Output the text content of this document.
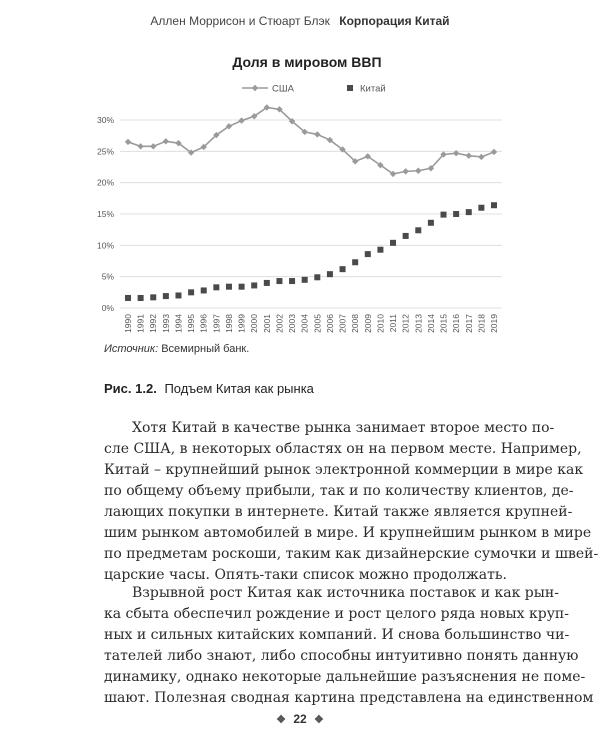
Аллен Моррисон и Стюарт Блэк Корпорация Китай
Доля в мировом ВВП
0%
5%
10%
15%
20%
25%
30%
1990 1991 1992 1993 1994 1995 1996 1997 1998 1999 2000 2001 2002 2003 2004 2005 2006 2007 2008 2009 2010 2011 2012 2013 2014 2015 2016 2017 2018 2019
США	Китай
Источник: Всемирный банк.
Рис. 1.2. Подъем Китая как рынка
Хотя Китай в качестве рынка занимает второе место по-
сле США, в некоторых областях он на первом месте. Например,
Китай – крупнейший рынок электронной коммерции в мире как
по общему объему прибыли, так и по количеству клиентов, де-
лающих покупки в интернете. Китай также является крупней-
шим рынком автомобилей в мире. И крупнейшим рынком в мире
по предметам роскоши, таким как дизайнерские сумочки и швей-
царские часы. Опять-таки список можно продолжать.
Взрывной рост Китая как источника поставок и как рын-
ка сбыта обеспечил рождение и рост целого ряда новых круп-
ных и сильных китайских компаний. И снова большинство чи-
тателей либо знают, либо способны интуитивно понять данную
динамику, однако некоторые дальнейшие разъяснения не поме-
шают. Полезная сводная картина представлена на единственном
❖ 22 ❖
